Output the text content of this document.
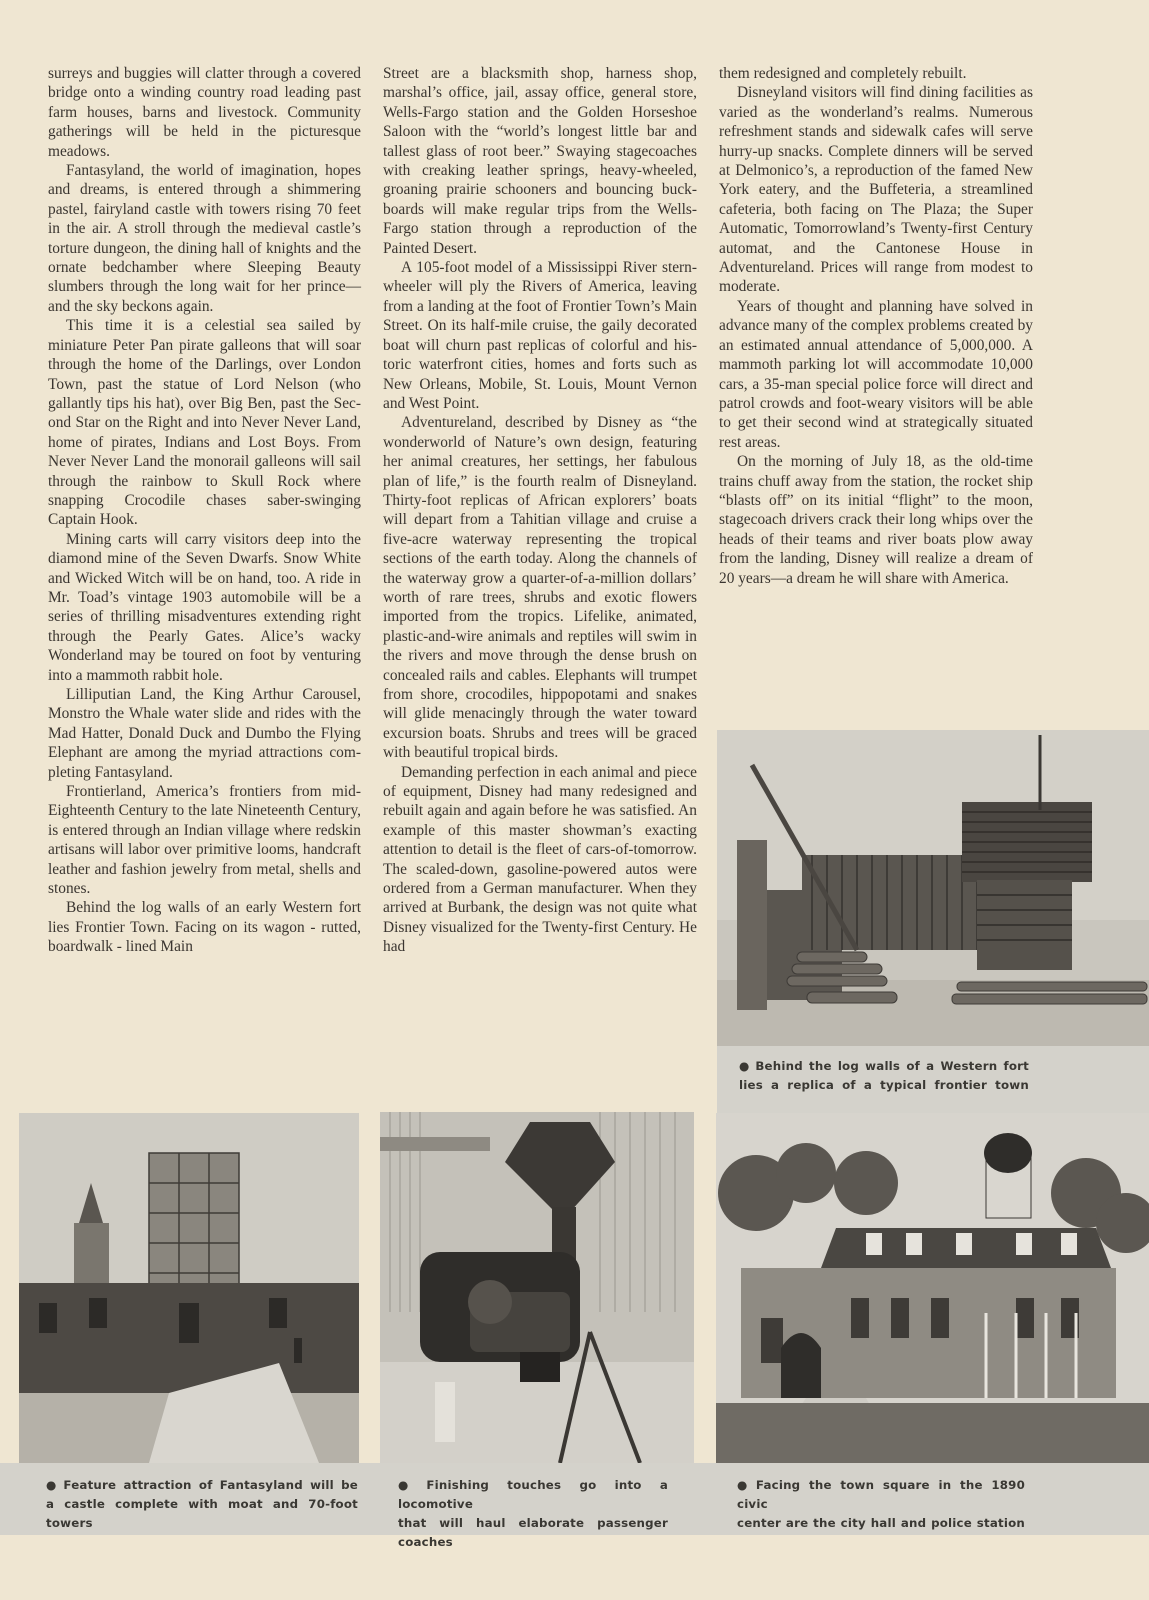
surreys and buggies will clatter through a covered bridge onto a winding country road leading past farm houses, barns and livestock. Community gatherings will be held in the picturesque meadows.

Fantasyland, the world of imagination, hopes and dreams, is entered through a shimmering pastel, fairyland castle with towers rising 70 feet in the air. A stroll through the medieval castle’s torture dungeon, the dining hall of knights and the ornate bedchamber where Sleeping Beauty slumbers through the long wait for her prince—and the sky beckons again.

This time it is a celestial sea sailed by miniature Peter Pan pirate galleons that will soar through the home of the Darlings, over London Town, past the statue of Lord Nelson (who gallantly tips his hat), over Big Ben, past the Second Star on the Right and into Never Never Land, home of pirates, Indians and Lost Boys. From Never Never Land the monorail galleons will sail through the rainbow to Skull Rock where snapping Crocodile chases saber-swinging Captain Hook.

Mining carts will carry visitors deep into the diamond mine of the Seven Dwarfs. Snow White and Wicked Witch will be on hand, too. A ride in Mr. Toad’s vintage 1903 automobile will be a series of thrilling misadventures extending right through the Pearly Gates. Alice’s wacky Wonderland may be toured on foot by venturing into a mammoth rabbit hole.

Lilliputian Land, the King Arthur Carousel, Monstro the Whale water slide and rides with the Mad Hatter, Donald Duck and Dumbo the Flying Elephant are among the myriad attractions completing Fantasyland.

Frontierland, America’s frontiers from mid-Eighteenth Century to the late Nineteenth Century, is entered through an Indian village where redskin artisans will labor over primitive looms, handcraft leather and fashion jewelry from metal, shells and stones.

Behind the log walls of an early Western fort lies Frontier Town. Facing on its wagon - rutted, boardwalk - lined Main

Street are a blacksmith shop, harness shop, marshal’s office, jail, assay office, general store, Wells-Fargo station and the Golden Horseshoe Saloon with the “world’s longest little bar and tallest glass of root beer.” Swaying stagecoaches with creaking leather springs, heavy-wheeled, groaning prairie schooners and bouncing buckboards will make regular trips from the Wells-Fargo station through a reproduction of the Painted Desert.

A 105-foot model of a Mississippi River stern-wheeler will ply the Rivers of America, leaving from a landing at the foot of Frontier Town’s Main Street. On its half-mile cruise, the gaily decorated boat will churn past replicas of colorful and historic waterfront cities, homes and forts such as New Orleans, Mobile, St. Louis, Mount Vernon and West Point.

Adventureland, described by Disney as “the wonderworld of Nature’s own design, featuring her animal creatures, her settings, her fabulous plan of life,” is the fourth realm of Disneyland. Thirty-foot replicas of African explorers’ boats will depart from a Tahitian village and cruise a five-acre waterway representing the tropical sections of the earth today. Along the channels of the waterway grow a quarter-of-a-million dollars’ worth of rare trees, shrubs and exotic flowers imported from the tropics. Lifelike, animated, plastic-and-wire animals and reptiles will swim in the rivers and move through the dense brush on concealed rails and cables. Elephants will trumpet from shore, crocodiles, hippopotami and snakes will glide menacingly through the water toward excursion boats. Shrubs and trees will be graced with beautiful tropical birds.

Demanding perfection in each animal and piece of equipment, Disney had many redesigned and rebuilt again and again before he was satisfied. An example of this master showman’s exacting attention to detail is the fleet of cars-of-tomorrow. The scaled-down, gasoline-powered autos were ordered from a German manufacturer. When they arrived at Burbank, the design was not quite what Disney visualized for the Twenty-first Century. He had

them redesigned and completely rebuilt.

Disneyland visitors will find dining facilities as varied as the wonderland’s realms. Numerous refreshment stands and sidewalk cafes will serve hurry-up snacks. Complete dinners will be served at Delmonico’s, a reproduction of the famed New York eatery, and the Buffeteria, a streamlined cafeteria, both facing on The Plaza; the Super Automatic, Tomorrowland’s Twenty-first Century automat, and the Cantonese House in Adventureland. Prices will range from modest to moderate.

Years of thought and planning have solved in advance many of the complex problems created by an estimated annual attendance of 5,000,000. A mammoth parking lot will accommodate 10,000 cars, a 35-man special police force will direct and patrol crowds and foot-weary visitors will be able to get their second wind at strategically situated rest areas.

On the morning of July 18, as the old-time trains chuff away from the station, the rocket ship “blasts off” on its initial “flight” to the moon, stagecoach drivers crack their long whips over the heads of their teams and river boats plow away from the landing, Disney will realize a dream of 20 years—a dream he will share with America.

● Behind the log walls of a Western fort
lies a replica of a typical frontier town
● Feature attraction of Fantasyland will be
a castle complete with moat and 70-foot towers
● Finishing touches go into a locomotive
that will haul elaborate passenger coaches
● Facing the town square in the 1890 civic
center are the city hall and police station
